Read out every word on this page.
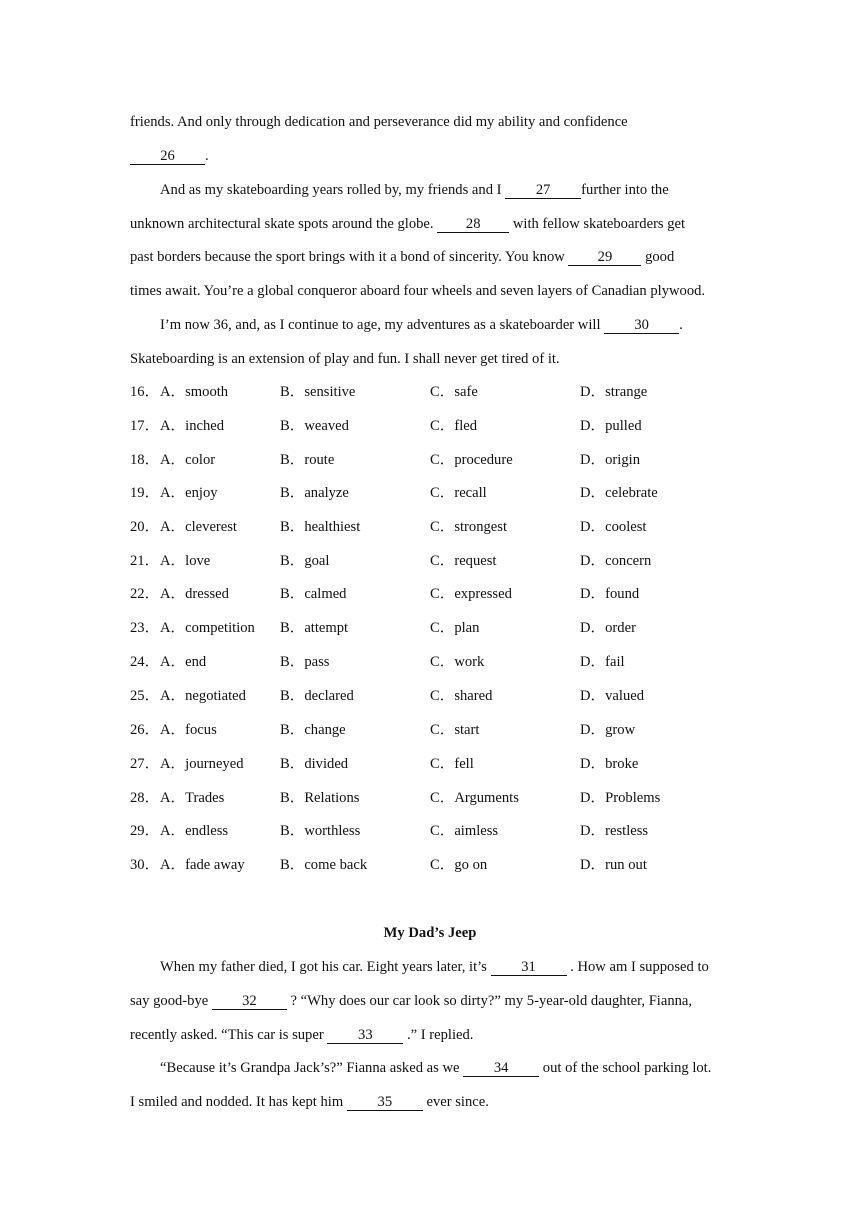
friends. And only through dedication and perseverance did my ability and confidence
26 .
And as my skateboarding years rolled by, my friends and I 27 further into the
unknown architectural skate spots around the globe. 28 with fellow skateboarders get
past borders because the sport brings with it a bond of sincerity. You know 29 good
times await. You’re a global conqueror aboard four wheels and seven layers of Canadian plywood.
I’m now 36, and, as I continue to age, my adventures as a skateboarder will 30 .
Skateboarding is an extension of play and fun. I shall never get tired of it.
16． A．smooth	B．sensitive	C．safe	D．strange
17． A．inched	B．weaved	C．fled	D．pulled
18． A．color	B．route	C．procedure	D．origin
19． A．enjoy	B．analyze	C．recall	D．celebrate
20． A．cleverest	B．healthiest	C．strongest	D．coolest
21． A．love	B．goal	C．request	D．concern
22． A．dressed	B．calmed	C．expressed	D．found
23． A．competition B．attempt	C．plan	D．order
24． A．end	B．pass	C．work	D．fail
25． A．negotiated B．declared	C．shared	D．valued
26． A．focus	B．change	C．start	D．grow
27． A．journeyed	B．divided	C．fell	D．broke
28． A．Trades	B．Relations	C．Arguments	D．Problems
29． A．endless	B．worthless	C．aimless	D．restless
30． A．fade away B．come back	C．go on	D．run out
My Dad’s Jeep
When my father died, I got his car. Eight years later, it’s 31 . How am I supposed to
say good-bye 32 ? “Why does our car look so dirty?” my 5-year-old daughter, Fianna,
recently asked. “This car is super 33 .” I replied.
“Because it’s Grandpa Jack’s?” Fianna asked as we 34 out of the school parking lot.
I smiled and nodded. It has kept him 35 ever since.
